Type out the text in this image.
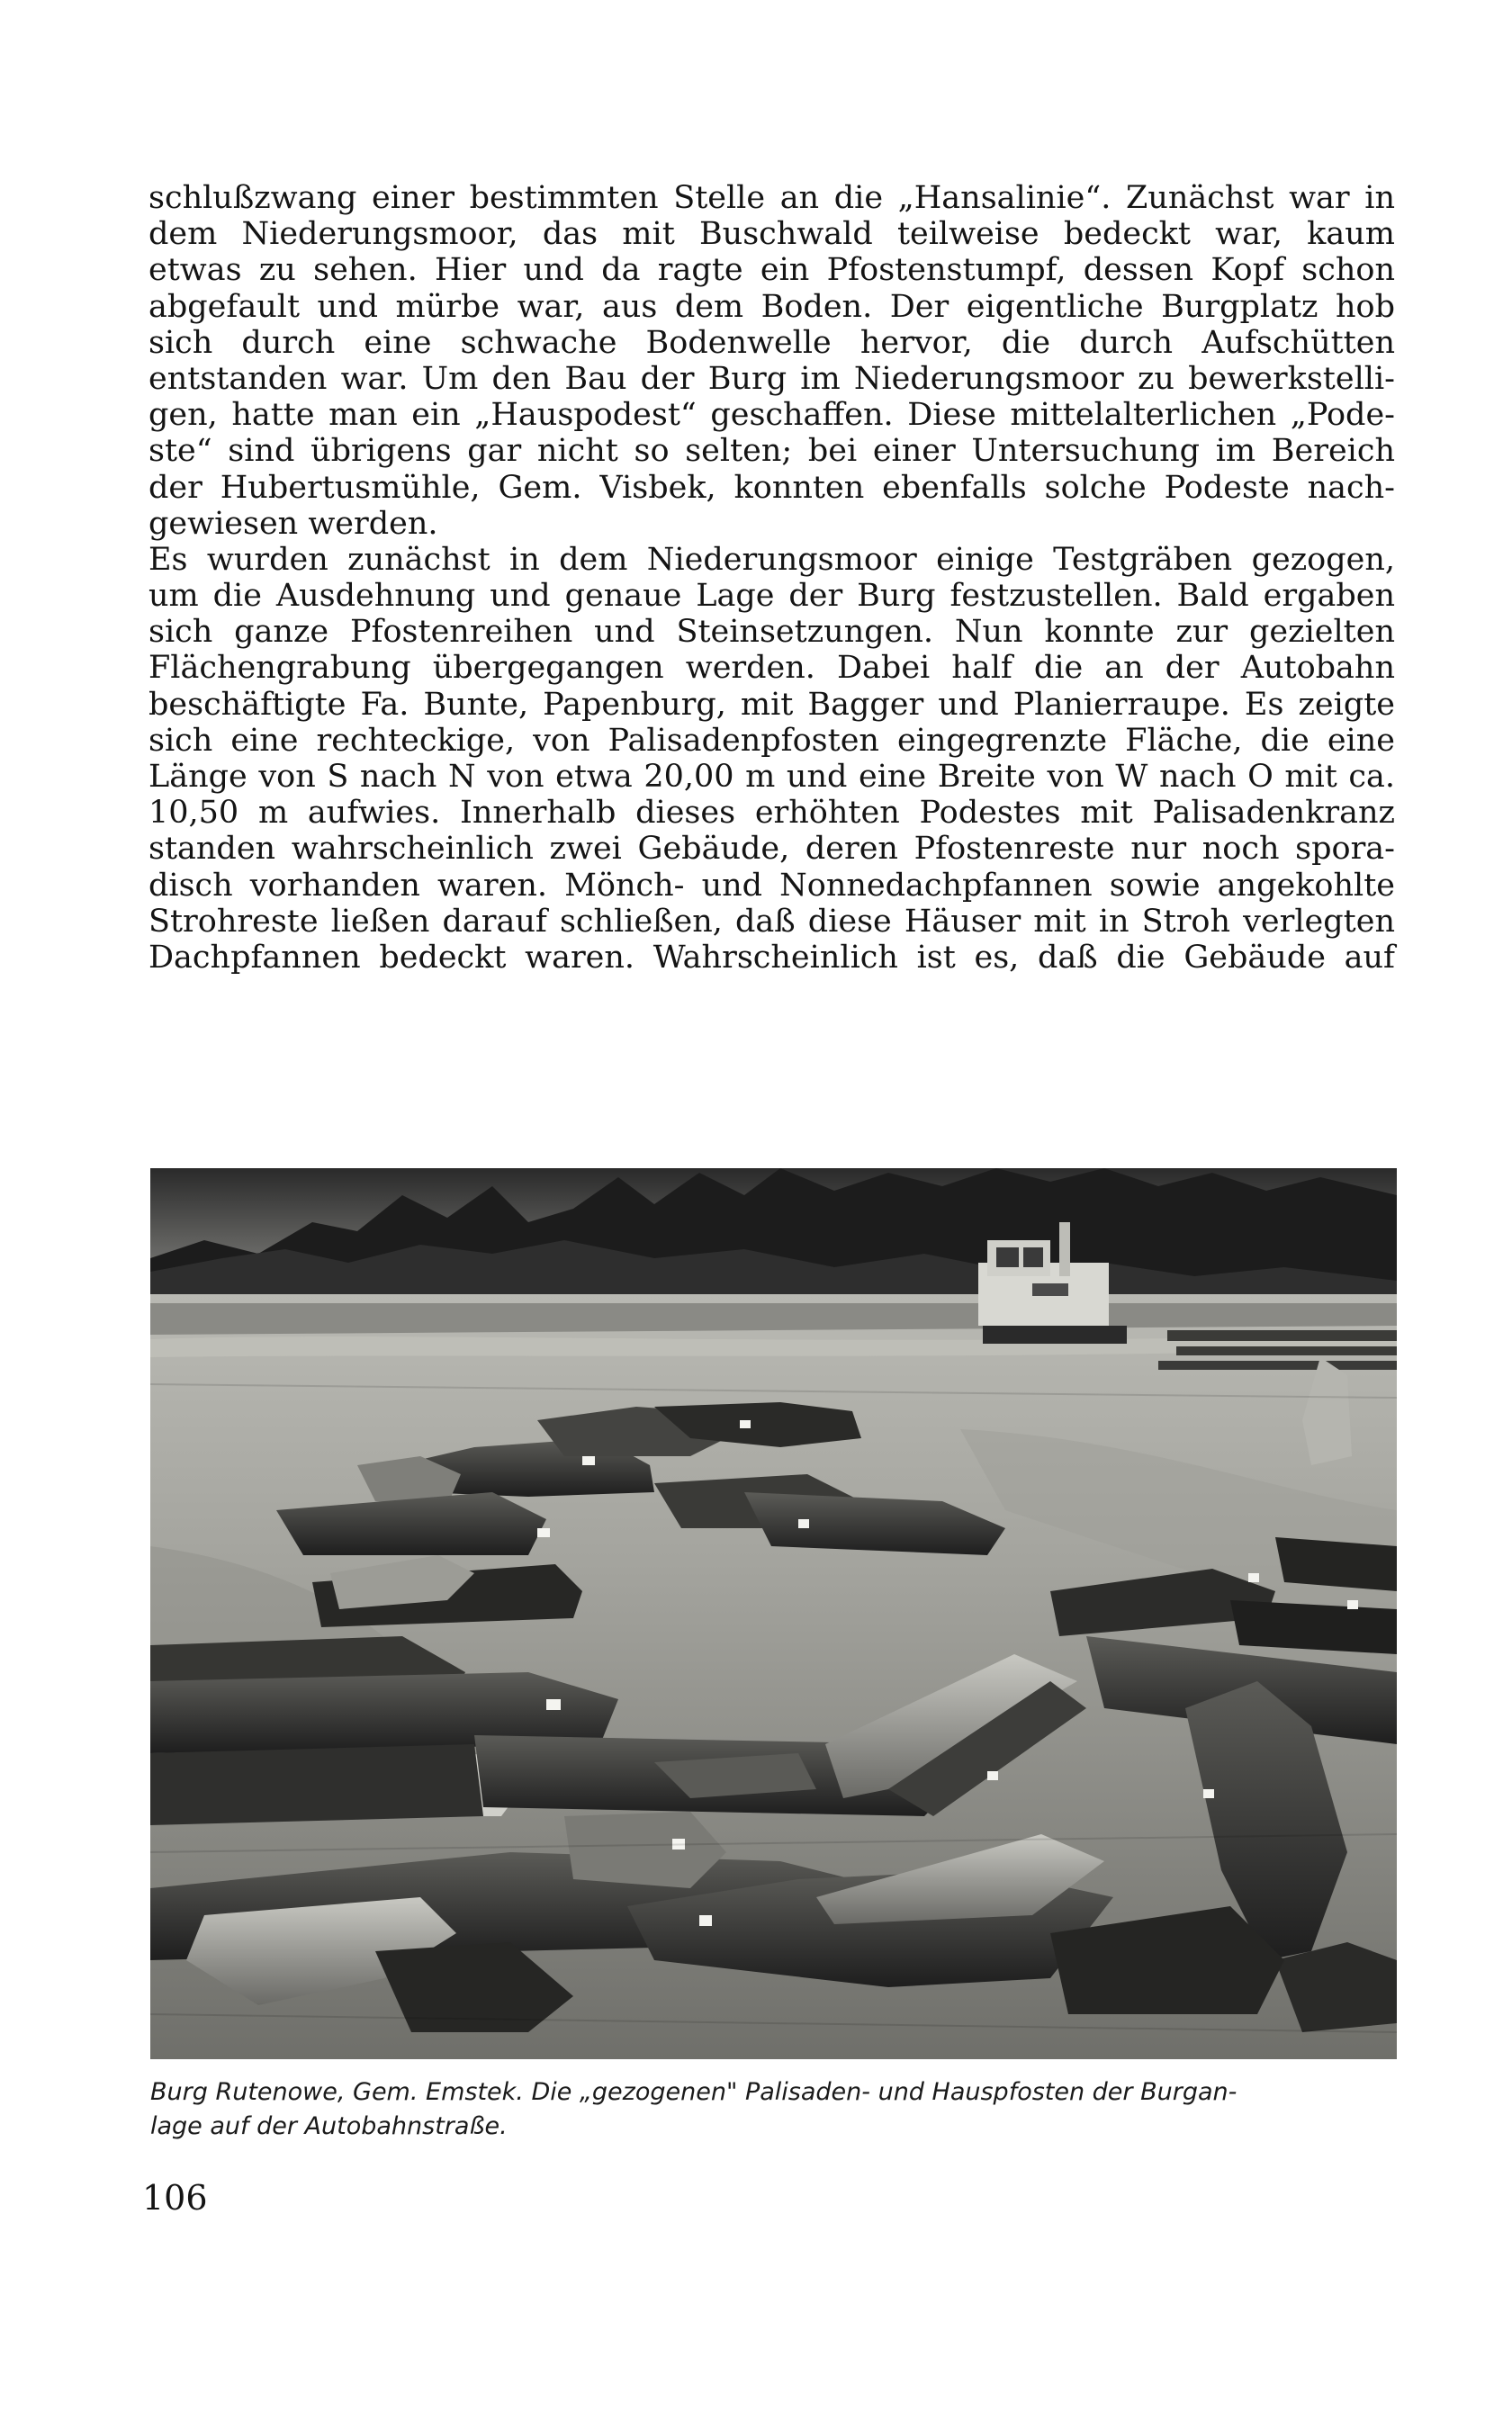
schlußzwang einer bestimmten Stelle an die „Hansalinie“. Zunächst war in
dem Niederungsmoor, das mit Buschwald teilweise bedeckt war, kaum
etwas zu sehen. Hier und da ragte ein Pfostenstumpf, dessen Kopf schon
abgefault und mürbe war, aus dem Boden. Der eigentliche Burgplatz hob
sich durch eine schwache Bodenwelle hervor, die durch Aufschütten
entstanden war. Um den Bau der Burg im Niederungsmoor zu bewerkstelli-
gen, hatte man ein „Hauspodest“ geschaffen. Diese mittelalterlichen „Pode-
ste“ sind übrigens gar nicht so selten; bei einer Untersuchung im Bereich
der Hubertusmühle, Gem. Visbek, konnten ebenfalls solche Podeste nach-
gewiesen werden.
Es wurden zunächst in dem Niederungsmoor einige Testgräben gezogen,
um die Ausdehnung und genaue Lage der Burg festzustellen. Bald ergaben
sich ganze Pfostenreihen und Steinsetzungen. Nun konnte zur gezielten
Flächengrabung übergegangen werden. Dabei half die an der Autobahn
beschäftigte Fa. Bunte, Papenburg, mit Bagger und Planierraupe. Es zeigte
sich eine rechteckige, von Palisadenpfosten eingegrenzte Fläche, die eine
Länge von S nach N von etwa 20,00 m und eine Breite von W nach O mit ca.
10,50 m aufwies. Innerhalb dieses erhöhten Podestes mit Palisadenkranz
standen wahrscheinlich zwei Gebäude, deren Pfostenreste nur noch spora-
disch vorhanden waren. Mönch- und Nonnedachpfannen sowie angekohlte
Strohreste ließen darauf schließen, daß diese Häuser mit in Stroh verlegten
Dachpfannen bedeckt waren. Wahrscheinlich ist es, daß die Gebäude auf
Burg Rutenowe, Gem. Emstek. Die „gezogenen" Palisaden- und Hauspfosten der Burgan-
lage auf der Autobahnstraße.
106
